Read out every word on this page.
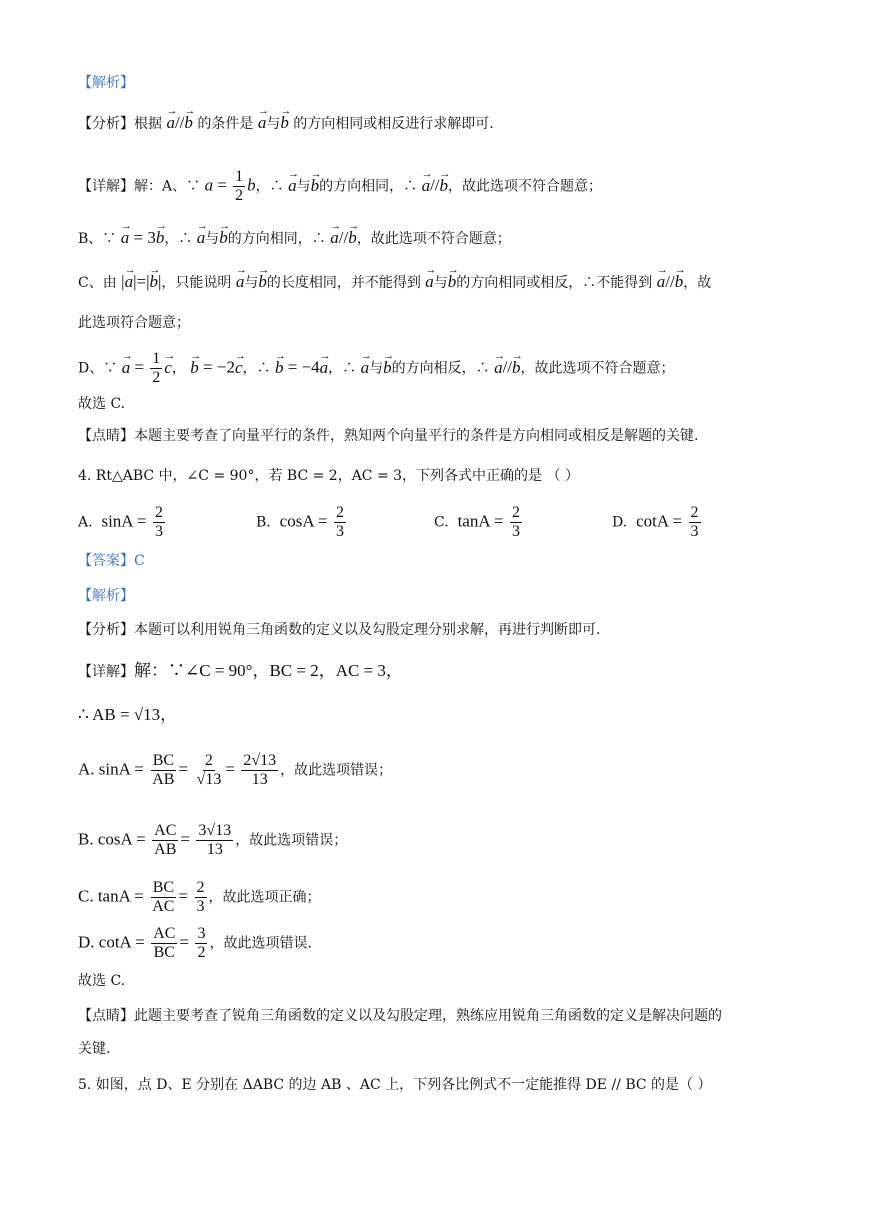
【解析】
【分析】根据 → a//→ b 的条件是 → a与→ b 的方向相同或相反进行求解即可.
【详解】解：A、∵ $a = \frac{1}{2}$ b，∴ → a与→ b的方向相同，∴ → a//→ b，故此选项不符合题意；
B、∵ → a = 3→ b，∴ → a与→ b的方向相同，∴ → a//→ b，故此选项不符合题意；
C、由 |→ a|=|→ b|，只能说明 → a与→ b的长度相同，并不能得到 → a与→ b的方向相同或相反，∴不能得到 → a//→ b，故
此选项符合题意；
D、∵ → $a = \frac{1}{2}$
→ c， → b = −2→ c，∴ → b = −4→ a，∴ → a与→ b的方向相反，∴ → a//→ b，故此选项不符合题意；
故选 C.
【点睛】本题主要考查了向量平行的条件，熟知两个向量平行的条件是方向相同或相反是解题的关键.
4. Rt△ABC 中，∠C = 90°，若 BC = 2，AC = 3，下列各式中正确的是 （ ）
A. $\sin A = \frac{2}{3}$	B. $\cos A = \frac{2}{3}$	C. $\tan A = \frac{2}{3}$	D. $\cot A = \frac{2}{3}$
【答案】C
【解析】
【分析】本题可以利用锐角三角函数的定义以及勾股定理分别求解，再进行判断即可.
【详解】解：∵∠C = 90°，BC = 2，AC = 3，
∴ AB = √13，
A. $\sin A = \frac{BC}{AB} = \frac{2}{√13} = \frac{2√13}{13}$ ，故此选项错误；
B. $\cos A = \frac{AC}{AB} = \frac{3√13}{13}$ ，故此选项错误；
C. $\tan A = \frac{BC}{AC} = \frac{2}{3}$ ，故此选项正确；
D. $\cot A = \frac{AC}{BC} = \frac{3}{2}$ ，故此选项错误.
故选 C.
【点睛】此题主要考查了锐角三角函数的定义以及勾股定理，熟练应用锐角三角函数的定义是解决问题的
关键.
5. 如图，点 D、E 分别在 ΔABC 的边 AB 、AC 上，下列各比例式不一定能推得 DE // BC 的是（ ）
